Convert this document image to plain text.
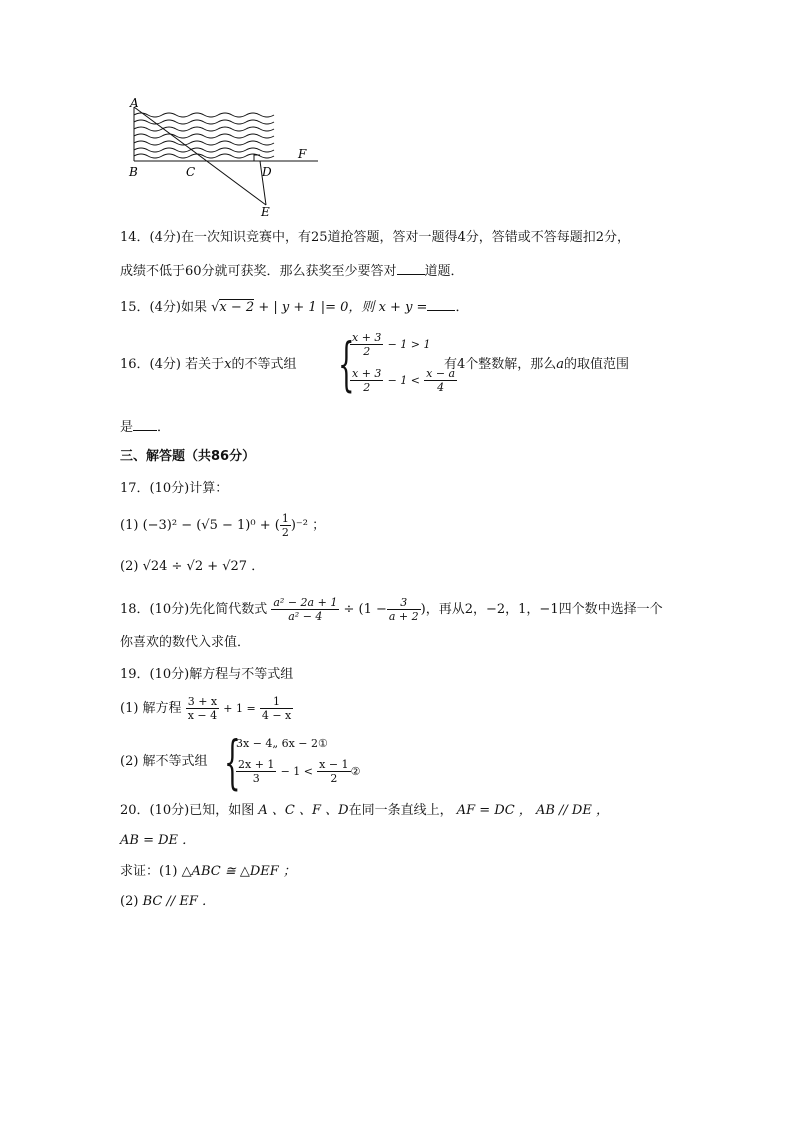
A
B	C	D
E
F
14．(4分)在一次知识竞赛中，有25道抢答题，答对一题得4分，答错或不答每题扣2分，
成绩不低于60分就可获奖．那么获奖至少要答对 道题．
15．(4分)如果 √x − 2 + | y + 1 |= 0，则 x + y = ．
16．(4分) 若关于x的不等式组 {
$\frac{x + 3}{2} - 1 > 1$
$\frac{x + 3}{2} - 1 < \frac{x - a}{4}$
有4个整数解，那么a的取值范围
是 ．
三、解答题（共86分）
17．(10分)计算：
(1) (−3)² − (√5 − 1)⁰ + ( $\frac{1}{2} )^{-2}$ ；
(2) √24 ÷ √2 + √27 ．
18．(10分)先化简代数式 $\frac{\text{a² − 2a + 1}}{\text{a² − 4}} \div (1 - \frac{3}{a + 2}$ )，再从2，−2，1，−1四个数中选择一个
你喜欢的数代入求值．
19．(10分)解方程与不等式组
(1) 解方程 $\frac{3 + x}{x - 4} + 1 = \frac{1}{4 - x}$
(2) 解不等式组 {
3x − 4„ 6x − 2①
$\frac{2x + 1}{3} - 1 < \frac{x - 1}{2}$ ②
20．(10分)已知，如图 A 、C 、F 、D在同一条直线上， AF = DC ， AB // DE ，
AB = DE ．
求证：(1) △ABC ≅ △DEF ；
(2) BC // EF ．
